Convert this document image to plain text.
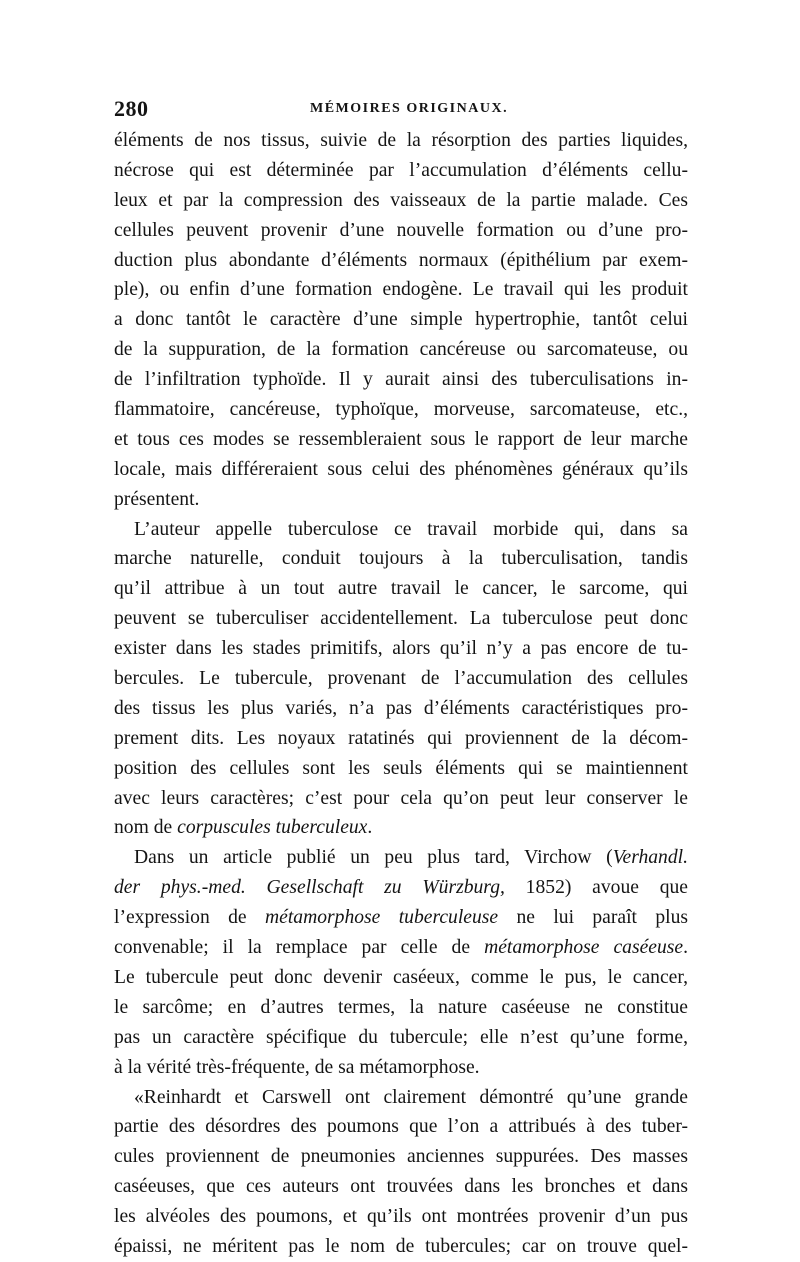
280	MÉMOIRES ORIGINAUX.
éléments de nos tissus, suivie de la résorption des parties liquides,
nécrose qui est déterminée par l’accumulation d’éléments cellu-
leux et par la compression des vaisseaux de la partie malade. Ces
cellules peuvent provenir d’une nouvelle formation ou d’une pro-
duction plus abondante d’éléments normaux (épithélium par exem-
ple), ou enfin d’une formation endogène. Le travail qui les produit
a donc tantôt le caractère d’une simple hypertrophie, tantôt celui
de la suppuration, de la formation cancéreuse ou sarcomateuse, ou
de l’infiltration typhoïde. Il y aurait ainsi des tuberculisations in-
flammatoire, cancéreuse, typhoïque, morveuse, sarcomateuse, etc.,
et tous ces modes se ressembleraient sous le rapport de leur marche
locale, mais différeraient sous celui des phénomènes généraux qu’ils
présentent.
L’auteur appelle tuberculose ce travail morbide qui, dans sa
marche naturelle, conduit toujours à la tuberculisation, tandis
qu’il attribue à un tout autre travail le cancer, le sarcome, qui
peuvent se tuberculiser accidentellement. La tuberculose peut donc
exister dans les stades primitifs, alors qu’il n’y a pas encore de tu-
bercules. Le tubercule, provenant de l’accumulation des cellules
des tissus les plus variés, n’a pas d’éléments caractéristiques pro-
prement dits. Les noyaux ratatinés qui proviennent de la décom-
position des cellules sont les seuls éléments qui se maintiennent
avec leurs caractères; c’est pour cela qu’on peut leur conserver le
nom de corpuscules tuberculeux.
Dans un article publié un peu plus tard, Virchow (Verhandl.
der phys.-med. Gesellschaft zu Würzburg, 1852) avoue que
l’expression de métamorphose tuberculeuse ne lui paraît plus
convenable; il la remplace par celle de métamorphose caséeuse.
Le tubercule peut donc devenir caséeux, comme le pus, le cancer,
le sarcôme; en d’autres termes, la nature caséeuse ne constitue
pas un caractère spécifique du tubercule; elle n’est qu’une forme,
à la vérité très-fréquente, de sa métamorphose.
«Reinhardt et Carswell ont clairement démontré qu’une grande
partie des désordres des poumons que l’on a attribués à des tuber-
cules proviennent de pneumonies anciennes suppurées. Des masses
caséeuses, que ces auteurs ont trouvées dans les bronches et dans
les alvéoles des poumons, et qu’ils ont montrées provenir d’un pus
épaissi, ne méritent pas le nom de tubercules; car on trouve quel-
